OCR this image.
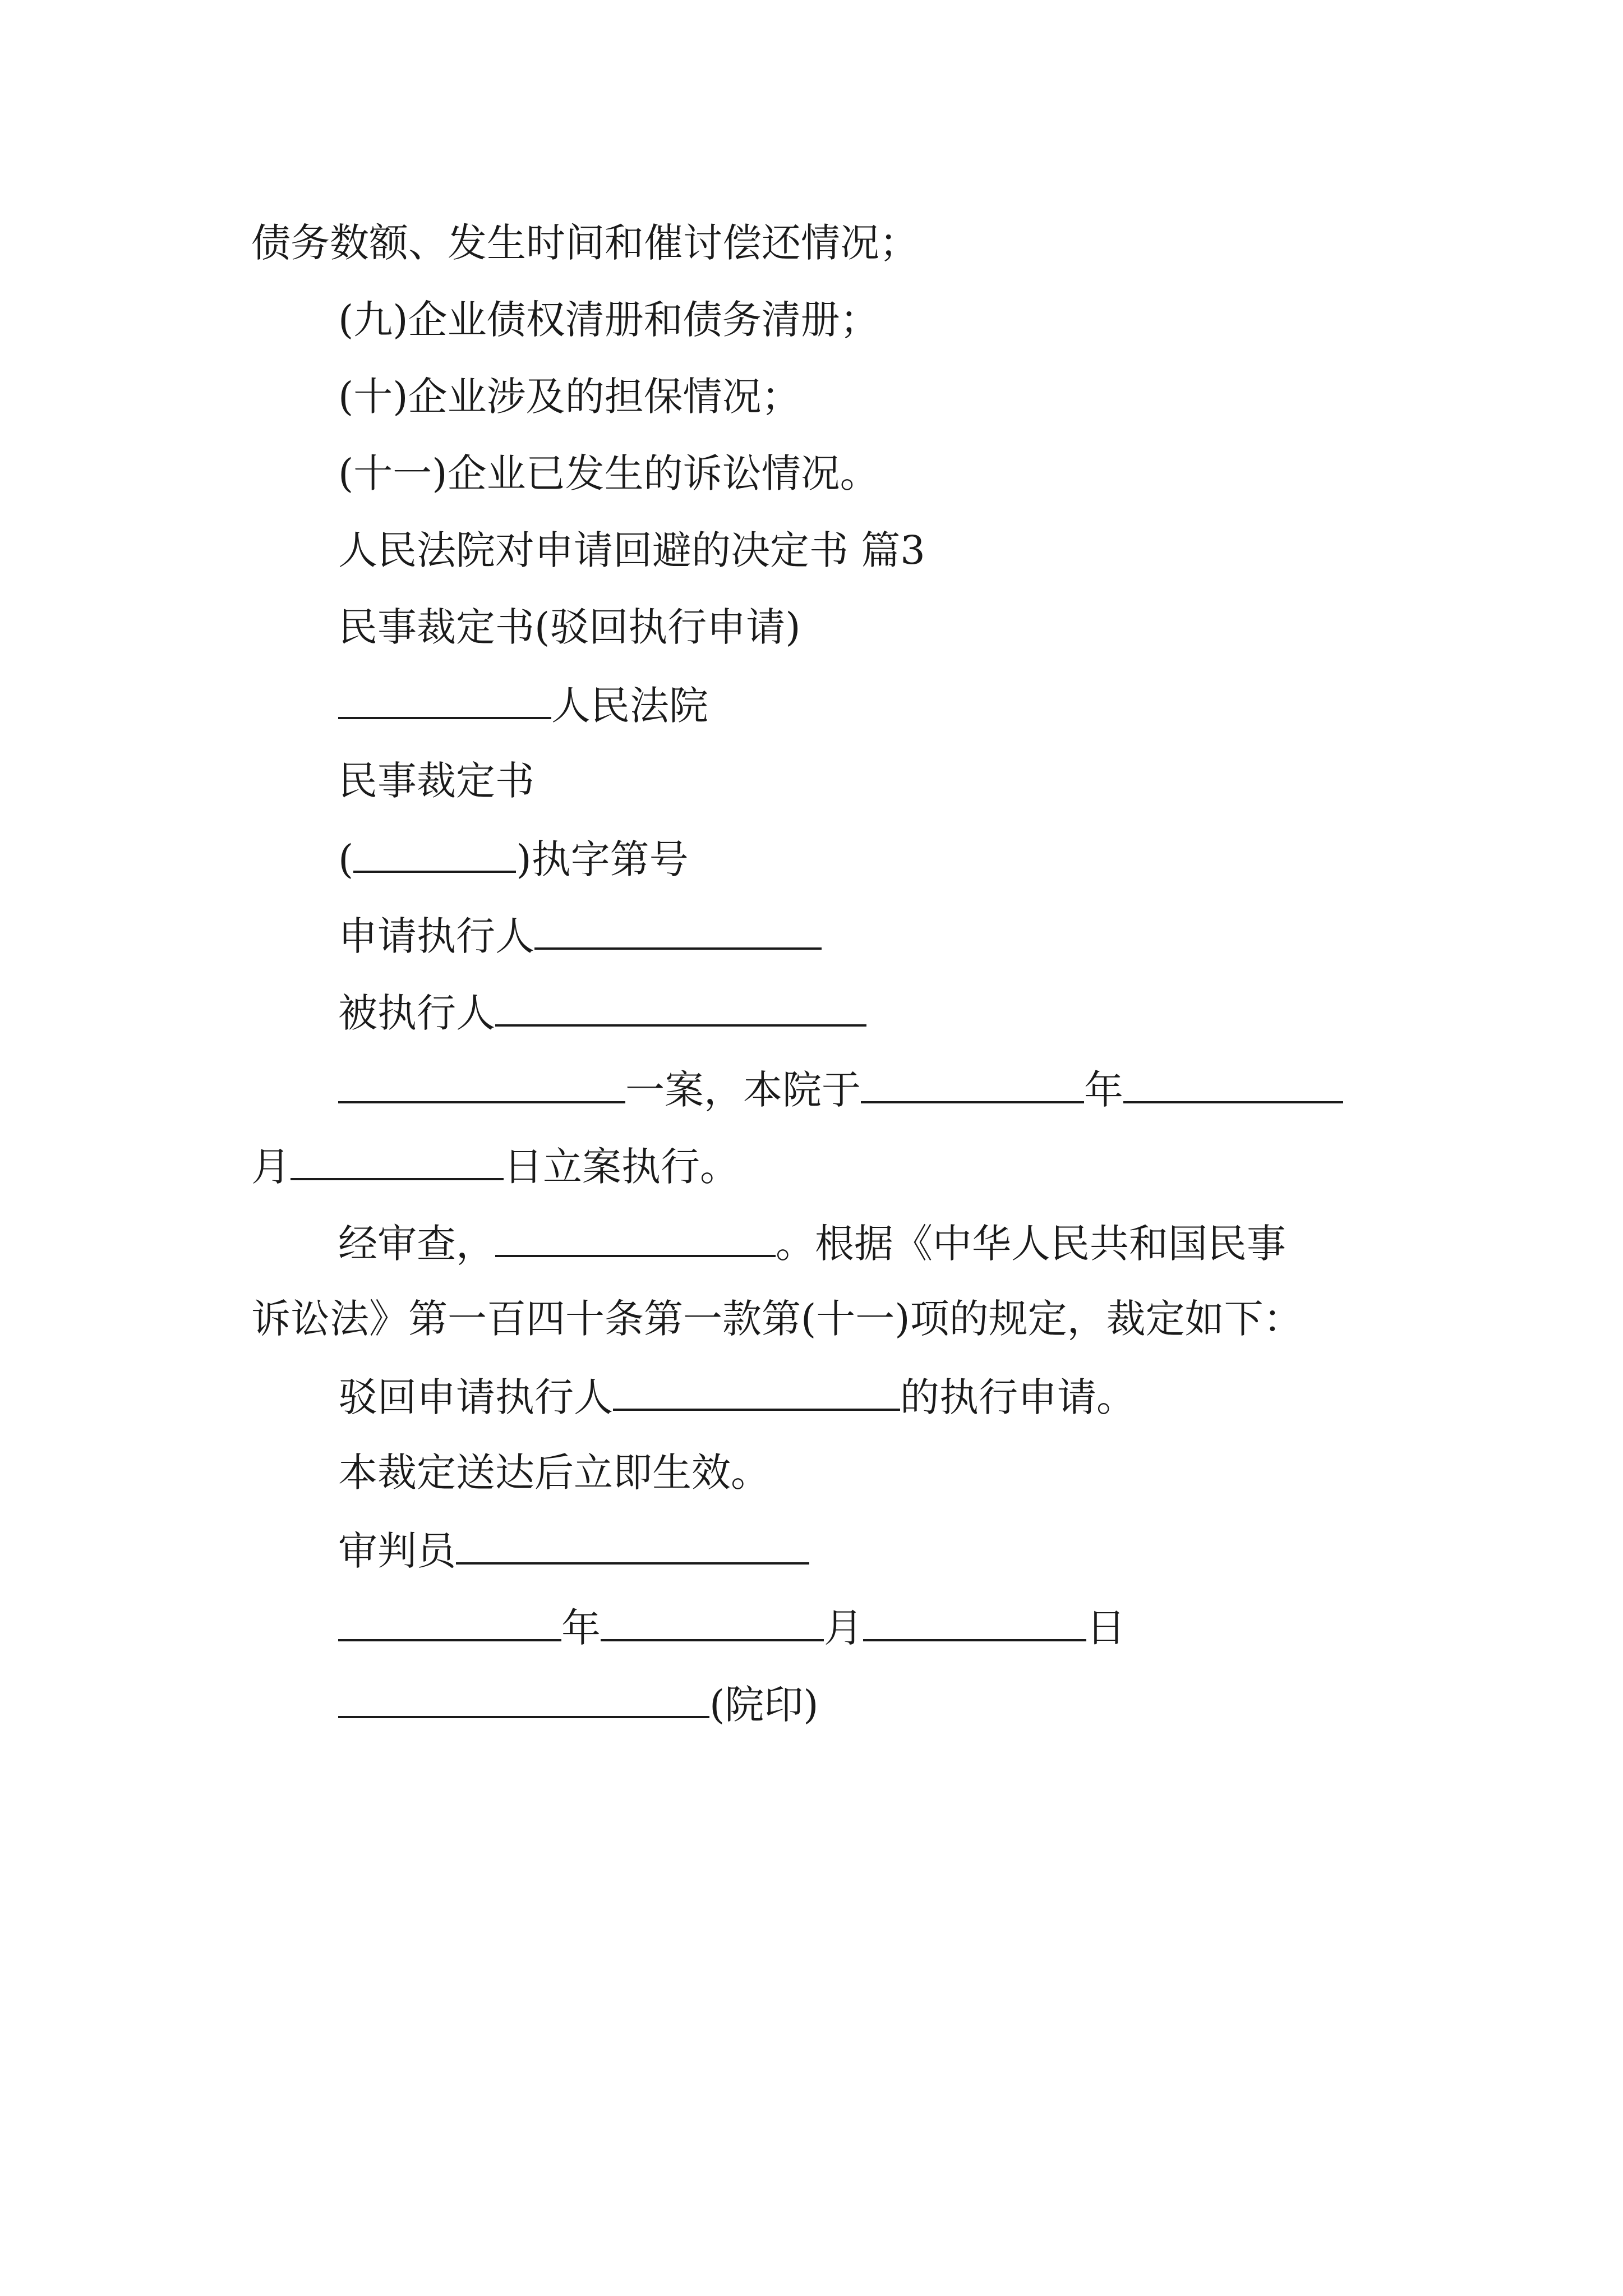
债务数额、发生时间和催讨偿还情况；
(九)企业债权清册和债务清册；
(十)企业涉及的担保情况；
(十一)企业已发生的诉讼情况。
人民法院对申请回避的决定书 篇3
民事裁定书(驳回执行申请)
人民法院
民事裁定书
(	)执字第号
申请执行人
被执行人
一案，本院于	年
月	日立案执行。
经审查，	。根据《中华人民共和国民事
诉讼法》第一百四十条第一款第(十一)项的规定，裁定如下：
驳回申请执行人	的执行申请。
本裁定送达后立即生效。
审判员
年	月	日
(院印)
